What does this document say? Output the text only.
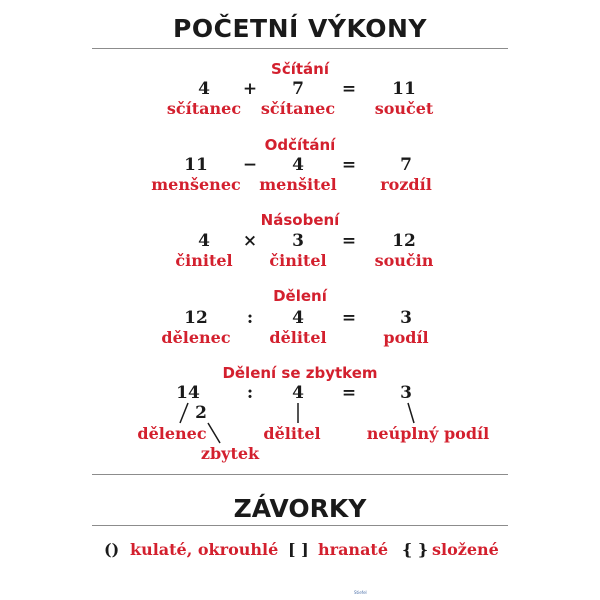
POČETNÍ VÝKONY
Sčítání
4	+	7	=	11
sčítanec	sčítanec	součet
Odčítání
11	−	4	=	7
menšenec	menšitel	rozdíl
Násobení
4	×	3	=	12
činitel	činitel	součin
Dělení
12	:	4	=	3
dělenec	dělitel	podíl
Dělení se zbytkem
14	:	4	=	3
2
dělenec	dělitel	neúplný podíl
zbytek
ZÁVORKY
() kulaté, okrouhlé [ ] hranaté { } složené
Stiefel
